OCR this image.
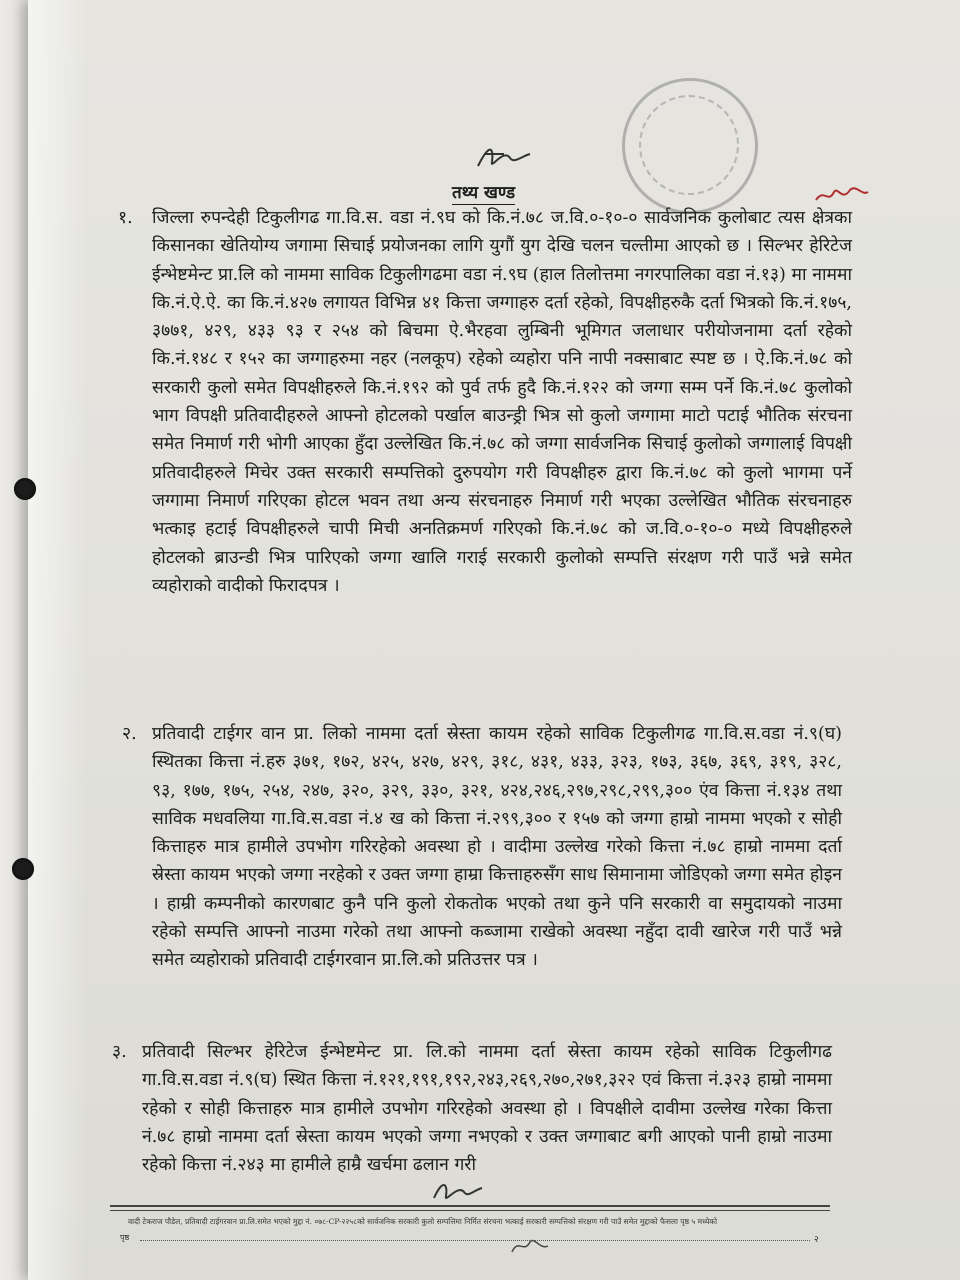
तथ्य खण्ड
१. जिल्ला रुपन्देही टिकुलीगढ गा.वि.स. वडा नं.९घ को कि.नं.७८ ज.वि.०-१०-० सार्वजनिक कुलोबाट त्यस क्षेत्रका किसानका खेतियोग्य जगामा सिचाई प्रयोजनका लागि युगौं युग देखि चलन चल्तीमा आएको छ । सिल्भर हेरिटेज ईन्भेष्टमेन्ट प्रा.लि को नाममा साविक टिकुलीगढमा वडा नं.९घ (हाल तिलोत्तमा नगरपालिका वडा नं.१३) मा नाममा कि.नं.ऐ.ऐ. का कि.नं.४२७ लगायत विभिन्न ४१ कित्ता जग्गाहरु दर्ता रहेको, विपक्षीहरुकै दर्ता भित्रको कि.नं.१७५, ३७७१, ४२९, ४३३ ९३ र २५४ को बिचमा ऐ.भैरहवा लुम्बिनी भूमिगत जलाधार परीयोजनामा दर्ता रहेको कि.नं.१४८ र १५२ का जग्गाहरुमा नहर (नलकूप) रहेको व्यहोरा पनि नापी नक्साबाट स्पष्ट छ । ऐ.कि.नं.७८ को सरकारी कुलो समेत विपक्षीहरुले कि.नं.१९२ को पुर्व तर्फ हुदै कि.नं.१२२ को जग्गा सम्म पर्ने कि.नं.७८ कुलोको भाग विपक्षी प्रतिवादीहरुले आफ्नो होटलको पर्खाल बाउन्ड्री भित्र सो कुलो जग्गामा माटो पटाई भौतिक संरचना समेत निमार्ण गरी भोगी आएका हुँदा उल्लेखित कि.नं.७८ को जग्गा सार्वजनिक सिचाई कुलोको जग्गालाई विपक्षी प्रतिवादीहरुले मिचेर उक्त सरकारी सम्पत्तिको दुरुपयोग गरी विपक्षीहरु द्वारा कि.नं.७८ को कुलो भागमा पर्ने जग्गामा निमार्ण गरिएका होटल भवन तथा अन्य संरचनाहरु निमार्ण गरी भएका उल्लेखित भौतिक संरचनाहरु भत्काइ हटाई विपक्षीहरुले चापी मिची अनतिक्रमर्ण गरिएको कि.नं.७८ को ज.वि.०-१०-० मध्ये विपक्षीहरुले होटलको ब्राउन्डी भित्र पारिएको जग्गा खालि गराई सरकारी कुलोको सम्पत्ति संरक्षण गरी पाउँ भन्ने समेत व्यहोराको वादीको फिरादपत्र ।
२. प्रतिवादी टाईगर वान प्रा. लिको नाममा दर्ता स्रेस्ता कायम रहेको साविक टिकुलीगढ गा.वि.स.वडा नं.९(घ) स्थितका कित्ता नं.हरु ३७१, १७२, ४२५, ४२७, ४२९, ३१८, ४३१, ४३३, ३२३, १७३, ३६७, ३६९, ३१९, ३२८, ९३, १७७, १७५, २५४, २४७, ३२०, ३२९, ३३०, ३२१, ४२४,२४६,२९७,२९८,२९९,३०० एंव कित्ता नं.१३४ तथा साविक मधवलिया गा.वि.स.वडा नं.४ ख को कित्ता नं.२९९,३०० र १५७ को जग्गा हाम्रो नाममा भएको र सोही कित्ताहरु मात्र हामीले उपभोग गरिरहेको अवस्था हो । वादीमा उल्लेख गरेको कित्ता नं.७८ हाम्रो नाममा दर्ता स्रेस्ता कायम भएको जग्गा नरहेको र उक्त जग्गा हाम्रा कित्ताहरुसँग साध सिमानामा जोडिएको जग्गा समेत होइन । हाम्री कम्पनीको कारणबाट कुनै पनि कुलो रोकतोक भएको तथा कुने पनि सरकारी वा समुदायको नाउमा रहेको सम्पत्ति आफ्नो नाउमा गरेको तथा आफ्नो कब्जामा राखेको अवस्था नहुँदा दावी खारेज गरी पाउँ भन्ने समेत व्यहोराको प्रतिवादी टाईगरवान प्रा.लि.को प्रतिउत्तर पत्र ।
३. प्रतिवादी सिल्भर हेरिटेज ईन्भेष्टमेन्ट प्रा. लि.को नाममा दर्ता स्रेस्ता कायम रहेको साविक टिकुलीगढ गा.वि.स.वडा नं.९(घ) स्थित कित्ता नं.१२१,१९१,१९२,२४३,२६९,२७०,२७१,३२२ एवं कित्ता नं.३२३ हाम्रो नाममा रहेको र सोही कित्ताहरु मात्र हामीले उपभोग गरिरहेको अवस्था हो । विपक्षीले दावीमा उल्लेख गरेका कित्ता नं.७८ हाम्रो नाममा दर्ता स्रेस्ता कायम भएको जग्गा नभएको र उक्त जग्गाबाट बगी आएको पानी हाम्रो नाउमा रहेको कित्ता नं.२४३ मा हामीले हाम्रै खर्चमा ढलान गरी
वादी टेकराज पौडेल, प्रतिवादी टाईगरवान प्रा.लि.समेत भएको मुद्दा नं. ०७८-CP-२२५८को सार्वजनिक सरकारी कुलो सम्पत्तिमा निर्मित संरचना भत्काई सरकारी सम्पत्तिको संरक्षण गरी पाउँ समेत मुद्दाको फैसला पृष्ठ ५ मध्येको
पृष्ठ	२
